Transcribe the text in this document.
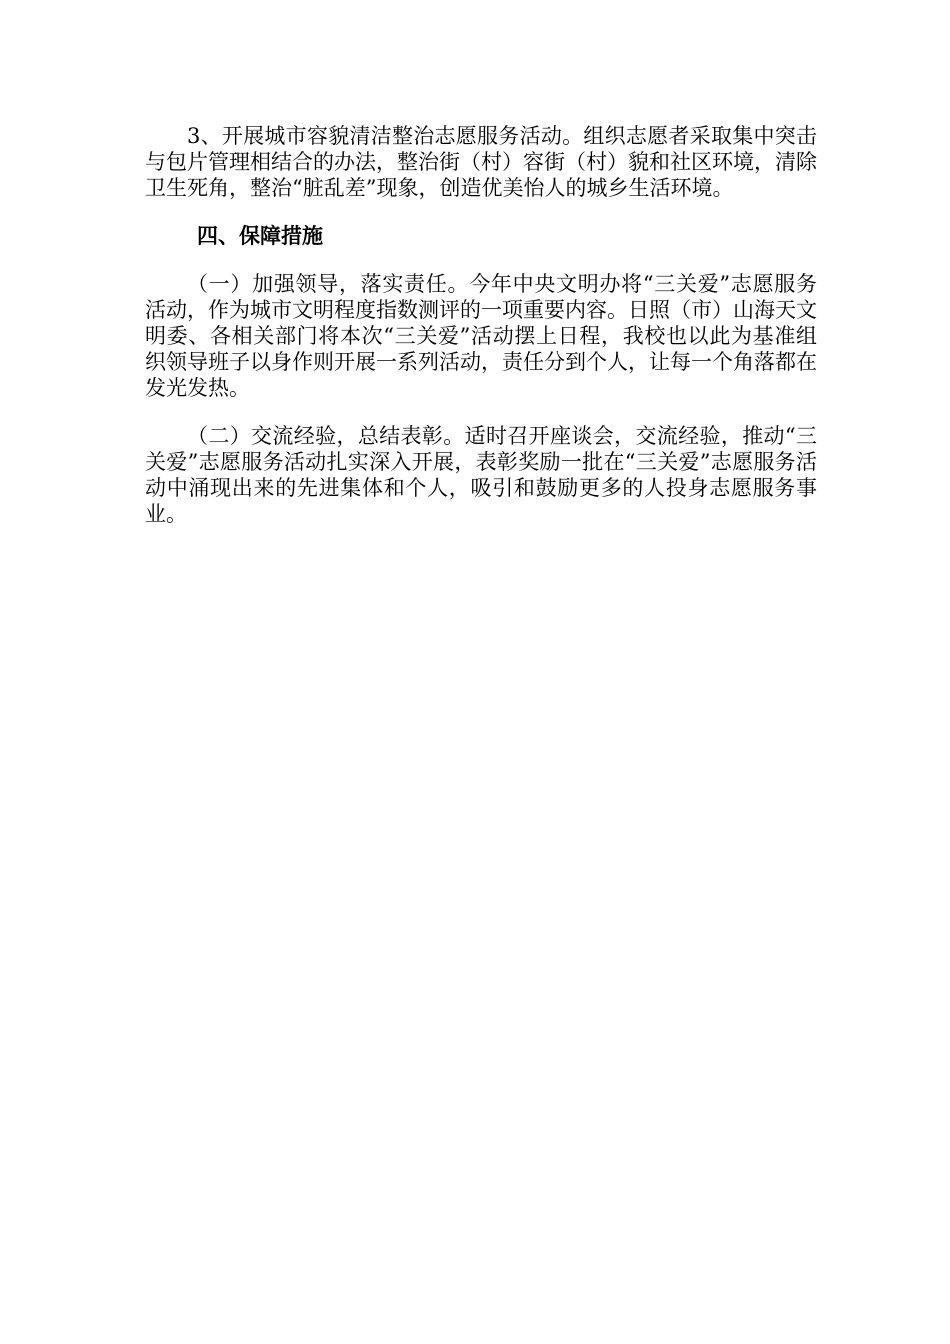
3、开展城市容貌清洁整治志愿服务活动。组织志愿者采取集中突击与包片管理相结合的办法，整治街（村）容街（村）貌和社区环境，清除卫生死角，整治“脏乱差”现象，创造优美怡人的城乡生活环境。

四、保障措施

（一）加强领导，落实责任。今年中央文明办将“三关爱”志愿服务活动，作为城市文明程度指数测评的一项重要内容。日照（市）山海天文明委、各相关部门将本次“三关爱”活动摆上日程，我校也以此为基准组织领导班子以身作则开展一系列活动，责任分到个人，让每一个角落都在发光发热。

（二）交流经验，总结表彰。适时召开座谈会，交流经验，推动“三关爱”志愿服务活动扎实深入开展，表彰奖励一批在“三关爱”志愿服务活动中涌现出来的先进集体和个人，吸引和鼓励更多的人投身志愿服务事业。
